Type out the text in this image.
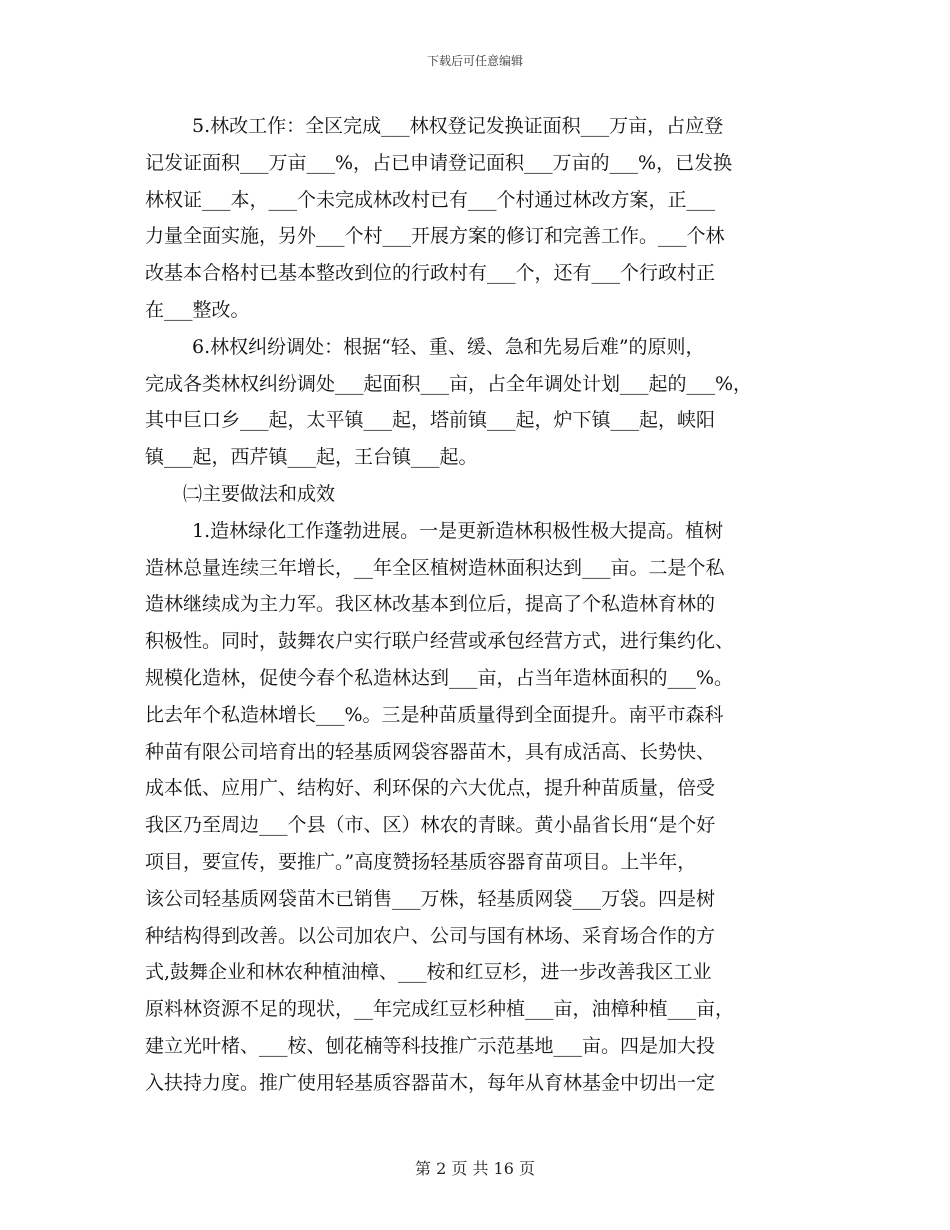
下载后可任意编辑
5.林改工作：全区完成___林权登记发换证面积___万亩，占应登
记发证面积___万亩___%，占已申请登记面积___万亩的___%，已发换
林权证___本，___个未完成林改村已有___个村通过林改方案，正___
力量全面实施，另外___个村___开展方案的修订和完善工作。___个林
改基本合格村已基本整改到位的行政村有___个，还有___个行政村正
在___整改。
6.林权纠纷调处：根据“轻、重、缓、急和先易后难”的原则，
完成各类林权纠纷调处___起面积___亩，占全年调处计划___起的___%，
其中巨口乡___起，太平镇___起，塔前镇___起，炉下镇___起，峡阳
镇___起，西芹镇___起，王台镇___起。
㈡主要做法和成效
1.造林绿化工作蓬勃进展。一是更新造林积极性极大提高。植树
造林总量连续三年增长，__年全区植树造林面积达到___亩。二是个私
造林继续成为主力军。我区林改基本到位后，提高了个私造林育林的
积极性。同时，鼓舞农户实行联户经营或承包经营方式，进行集约化、
规模化造林，促使今春个私造林达到___亩，占当年造林面积的___%。
比去年个私造林增长___%。三是种苗质量得到全面提升。南平市森科
种苗有限公司培育出的轻基质网袋容器苗木，具有成活高、长势快、
成本低、应用广、结构好、利环保的六大优点，提升种苗质量，倍受
我区乃至周边___个县（市、区）林农的青睐。黄小晶省长用“是个好
项目，要宣传，要推广。”高度赞扬轻基质容器育苗项目。上半年，
该公司轻基质网袋苗木已销售___万株，轻基质网袋___万袋。四是树
种结构得到改善。以公司加农户、公司与国有林场、采育场合作的方
式,鼓舞企业和林农种植油樟、___桉和红豆杉，进一步改善我区工业
原料林资源不足的现状，__年完成红豆杉种植___亩，油樟种植___亩，
建立光叶楮、___桉、刨花楠等科技推广示范基地___亩。四是加大投
入扶持力度。推广使用轻基质容器苗木，每年从育林基金中切出一定
第 2 页 共 16 页
